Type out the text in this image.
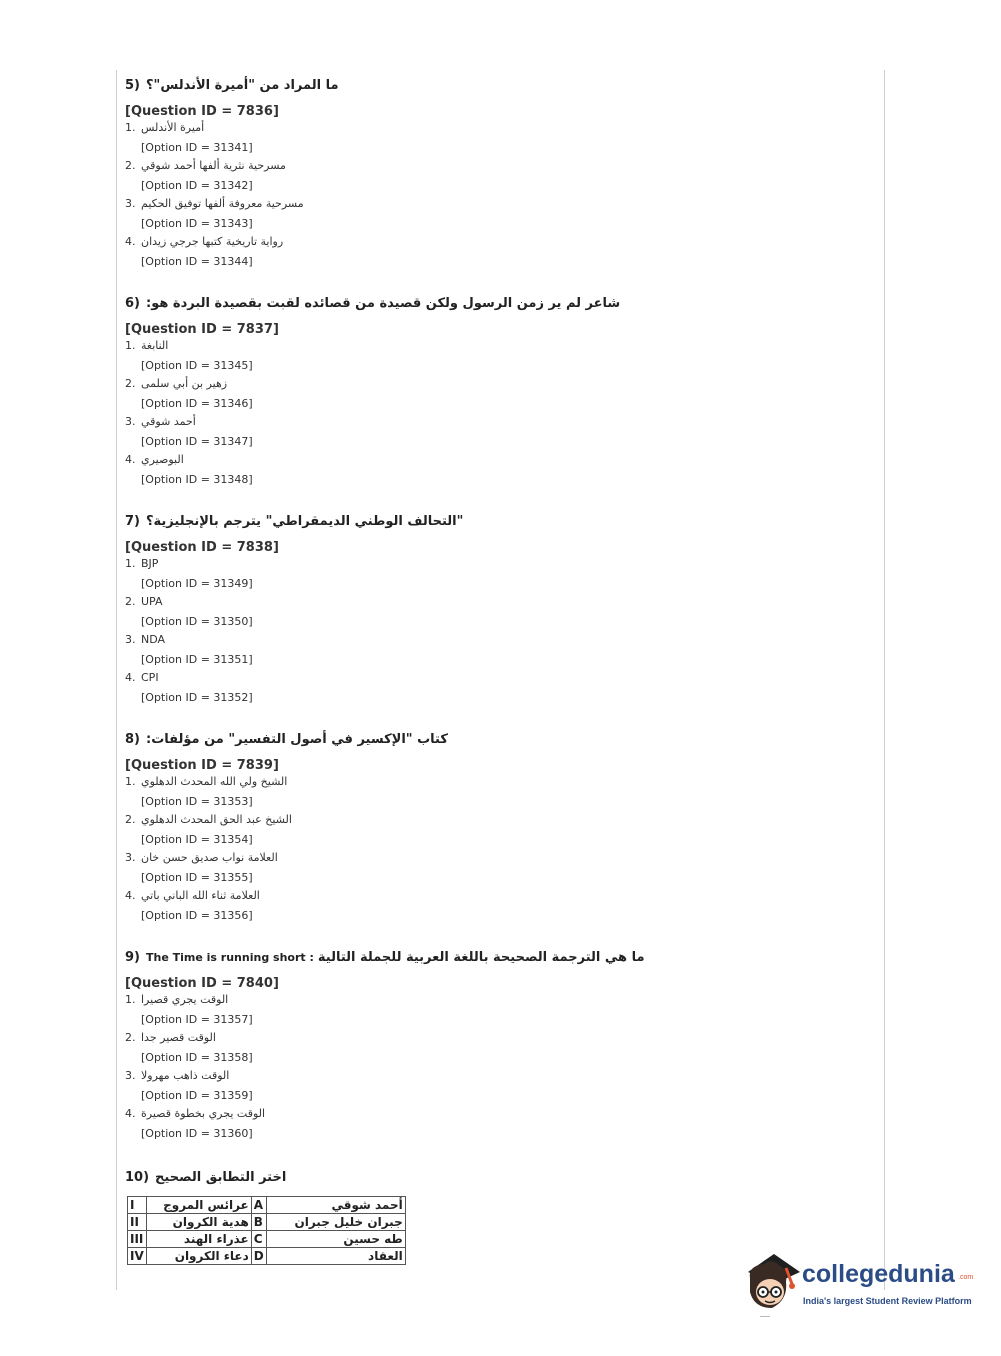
5) ما المراد من "أميرة الأندلس"؟
[Question ID = 7836]
1. أميرة الأندلس
[Option ID = 31341]
2. مسرحية نثرية ألفها أحمد شوقي
[Option ID = 31342]
3. مسرحية معروفة ألفها توفيق الحكيم
[Option ID = 31343]
4. رواية تاريخية كتبها جرجي زيدان
[Option ID = 31344]
6) شاعر لم ير زمن الرسول ولكن قصيدة من قصائده لقبت بقصيدة البردة هو:
[Question ID = 7837]
1. النابغة
[Option ID = 31345]
2. زهير بن أبي سلمى
[Option ID = 31346]
3. أحمد شوقي
[Option ID = 31347]
4. البوصيري
[Option ID = 31348]
7) "التحالف الوطني الديمقراطي" يترجم بالإنجليزية؟
[Question ID = 7838]
1. BJP
[Option ID = 31349]
2. UPA
[Option ID = 31350]
3. NDA
[Option ID = 31351]
4. CPI
[Option ID = 31352]
8) كتاب "الإكسير في أصول التفسير" من مؤلفات:
[Question ID = 7839]
1. الشيخ ولي الله المحدث الدهلوي
[Option ID = 31353]
2. الشيخ عبد الحق المحدث الدهلوي
[Option ID = 31354]
3. العلامة نواب صديق حسن خان
[Option ID = 31355]
4. العلامة ثناء الله الباني باتي
[Option ID = 31356]
9) The Time is running short : ما هي الترجمة الصحيحة باللغة العربية للجملة التالية
[Question ID = 7840]
1. الوقت يجري قصيرا
[Option ID = 31357]
2. الوقت قصير جدا
[Option ID = 31358]
3. الوقت ذاهب مهرولا
[Option ID = 31359]
4. الوقت يجري بخطوة قصيرة
[Option ID = 31360]
10) اختر التطابق الصحيح
I	عرائس المروج	A	أحمد شوقي
II	هدية الكروان	B	جبران خليل جبران
III	عذراء الهند	C	طه حسين
IV	دعاء الكروان	D	العقاد
collegedunia .com
India's largest Student Review Platform
